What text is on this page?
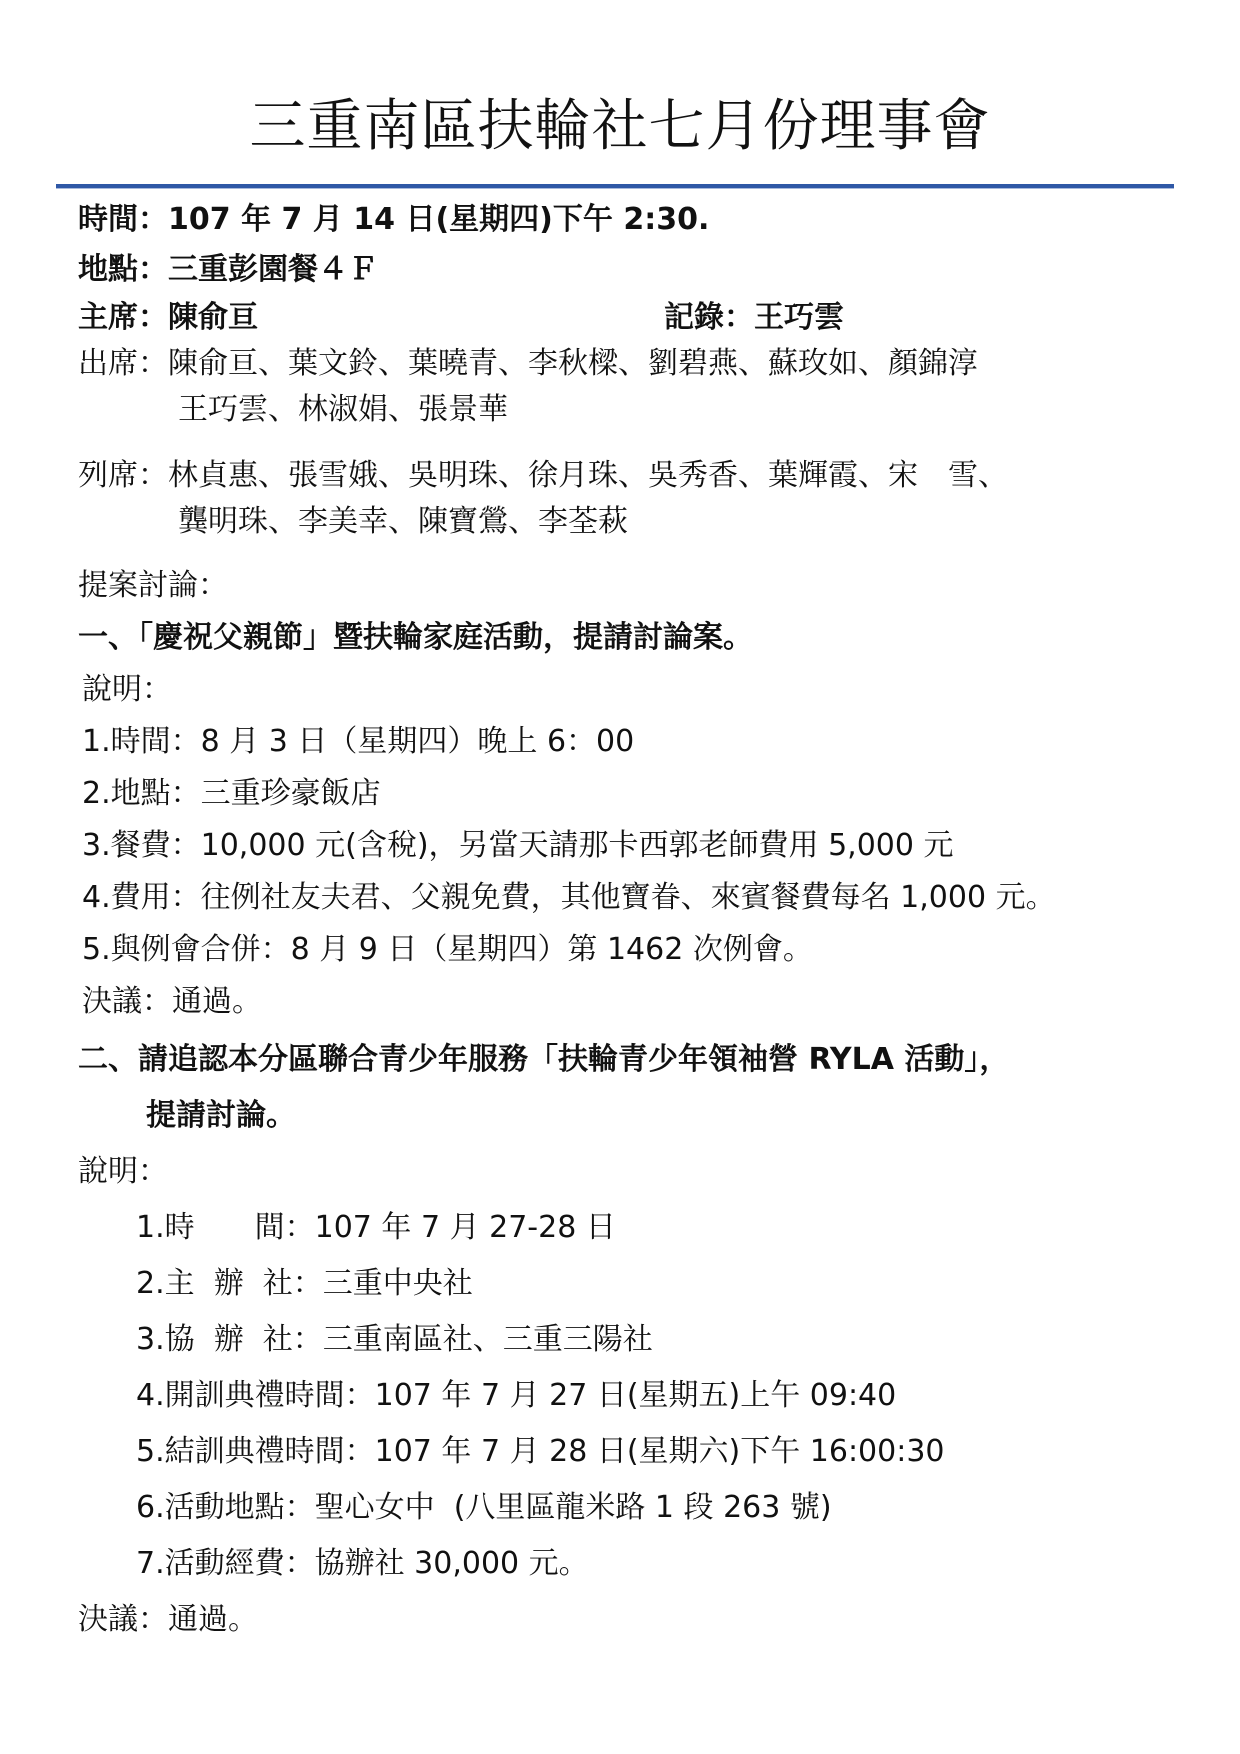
三重南區扶輪社七月份理事會
時間：107 年 7 月 14 日(星期四)下午 2:30.
地點：三重彭園餐４Ｆ
主席：陳俞亘	記錄：王巧雲
出席：陳俞亘、葉文鈴、葉曉青、李秋樑、劉碧燕、蘇玫如、顏錦淳
王巧雲、林淑娟、張景華
列席：林貞惠、張雪娥、吳明珠、徐月珠、吳秀香、葉輝霞、宋　雪、
龔明珠、李美幸、陳寶鶯、李荃萩
提案討論：
一、「慶祝父親節」暨扶輪家庭活動，提請討論案。
說明：
1.時間：8 月 3 日（星期四）晚上 6：00
2.地點：三重珍豪飯店
3.餐費：10,000 元(含稅)，另當天請那卡西郭老師費用 5,000 元
4.費用：往例社友夫君、父親免費，其他寶眷、來賓餐費每名 1,000 元。
5.與例會合併：8 月 9 日（星期四）第 1462 次例會。
決議：通過。
二、請追認本分區聯合青少年服務「扶輪青少年領袖營 RYLA 活動」，
提請討論。
說明：
1.時　　間：107 年 7 月 27-28 日
2.主  辦  社：三重中央社
3.協  辦  社：三重南區社、三重三陽社
4.開訓典禮時間：107 年 7 月 27 日(星期五)上午 09:40
5.結訓典禮時間：107 年 7 月 28 日(星期六)下午 16:00:30
6.活動地點：聖心女中  (八里區龍米路 1 段 263 號)
7.活動經費：協辦社 30,000 元。
決議：通過。
